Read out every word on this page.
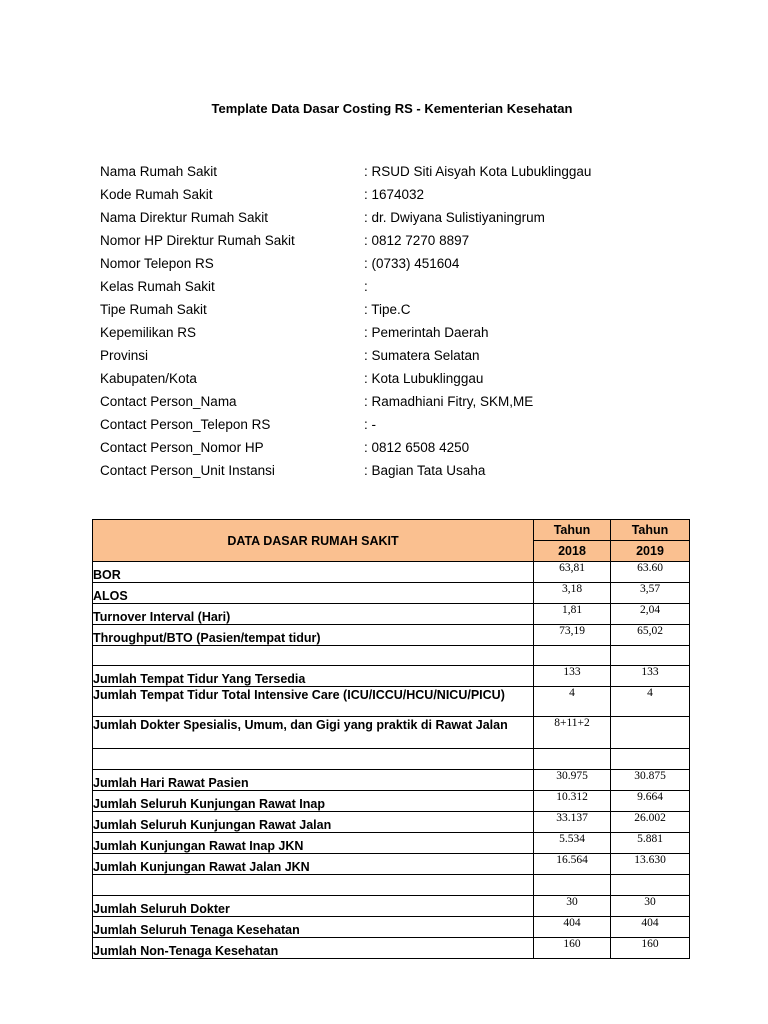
Template Data Dasar Costing RS - Kementerian Kesehatan
Nama Rumah Sakit	: RSUD Siti Aisyah Kota Lubuklinggau
Kode Rumah Sakit	: 1674032
Nama Direktur Rumah Sakit	: dr. Dwiyana Sulistiyaningrum
Nomor HP Direktur Rumah Sakit	: 0812 7270 8897
Nomor Telepon RS	: (0733) 451604
Kelas Rumah Sakit	:
Tipe Rumah Sakit	: Tipe.C
Kepemilikan RS	: Pemerintah Daerah
Provinsi	: Sumatera Selatan
Kabupaten/Kota	: Kota Lubuklinggau
Contact Person_Nama	: Ramadhiani Fitry, SKM,ME
Contact Person_Telepon RS	: -
Contact Person_Nomor HP	: 0812 6508 4250
Contact Person_Unit Instansi	: Bagian Tata Usaha
DATA DASAR RUMAH SAKIT	Tahun	Tahun
	2018	2019
BOR	63,81	63.60
ALOS	3,18	3,57
Turnover Interval (Hari)	1,81	2,04
Throughput/BTO (Pasien/tempat tidur)	73,19	65,02

Jumlah Tempat Tidur Yang Tersedia	133	133
Jumlah Tempat Tidur Total Intensive Care (ICU/ICCU/HCU/NICU/PICU)	4	4
Jumlah Dokter Spesialis, Umum, dan Gigi yang praktik di Rawat Jalan	8+11+2	

Jumlah Hari Rawat Pasien	30.975	30.875
Jumlah Seluruh Kunjungan Rawat Inap	10.312	9.664
Jumlah Seluruh Kunjungan Rawat Jalan	33.137	26.002
Jumlah Kunjungan Rawat Inap JKN	5.534	5.881
Jumlah Kunjungan Rawat Jalan JKN	16.564	13.630

Jumlah Seluruh Dokter	30	30
Jumlah Seluruh Tenaga Kesehatan	404	404
Jumlah Non-Tenaga Kesehatan	160	160
